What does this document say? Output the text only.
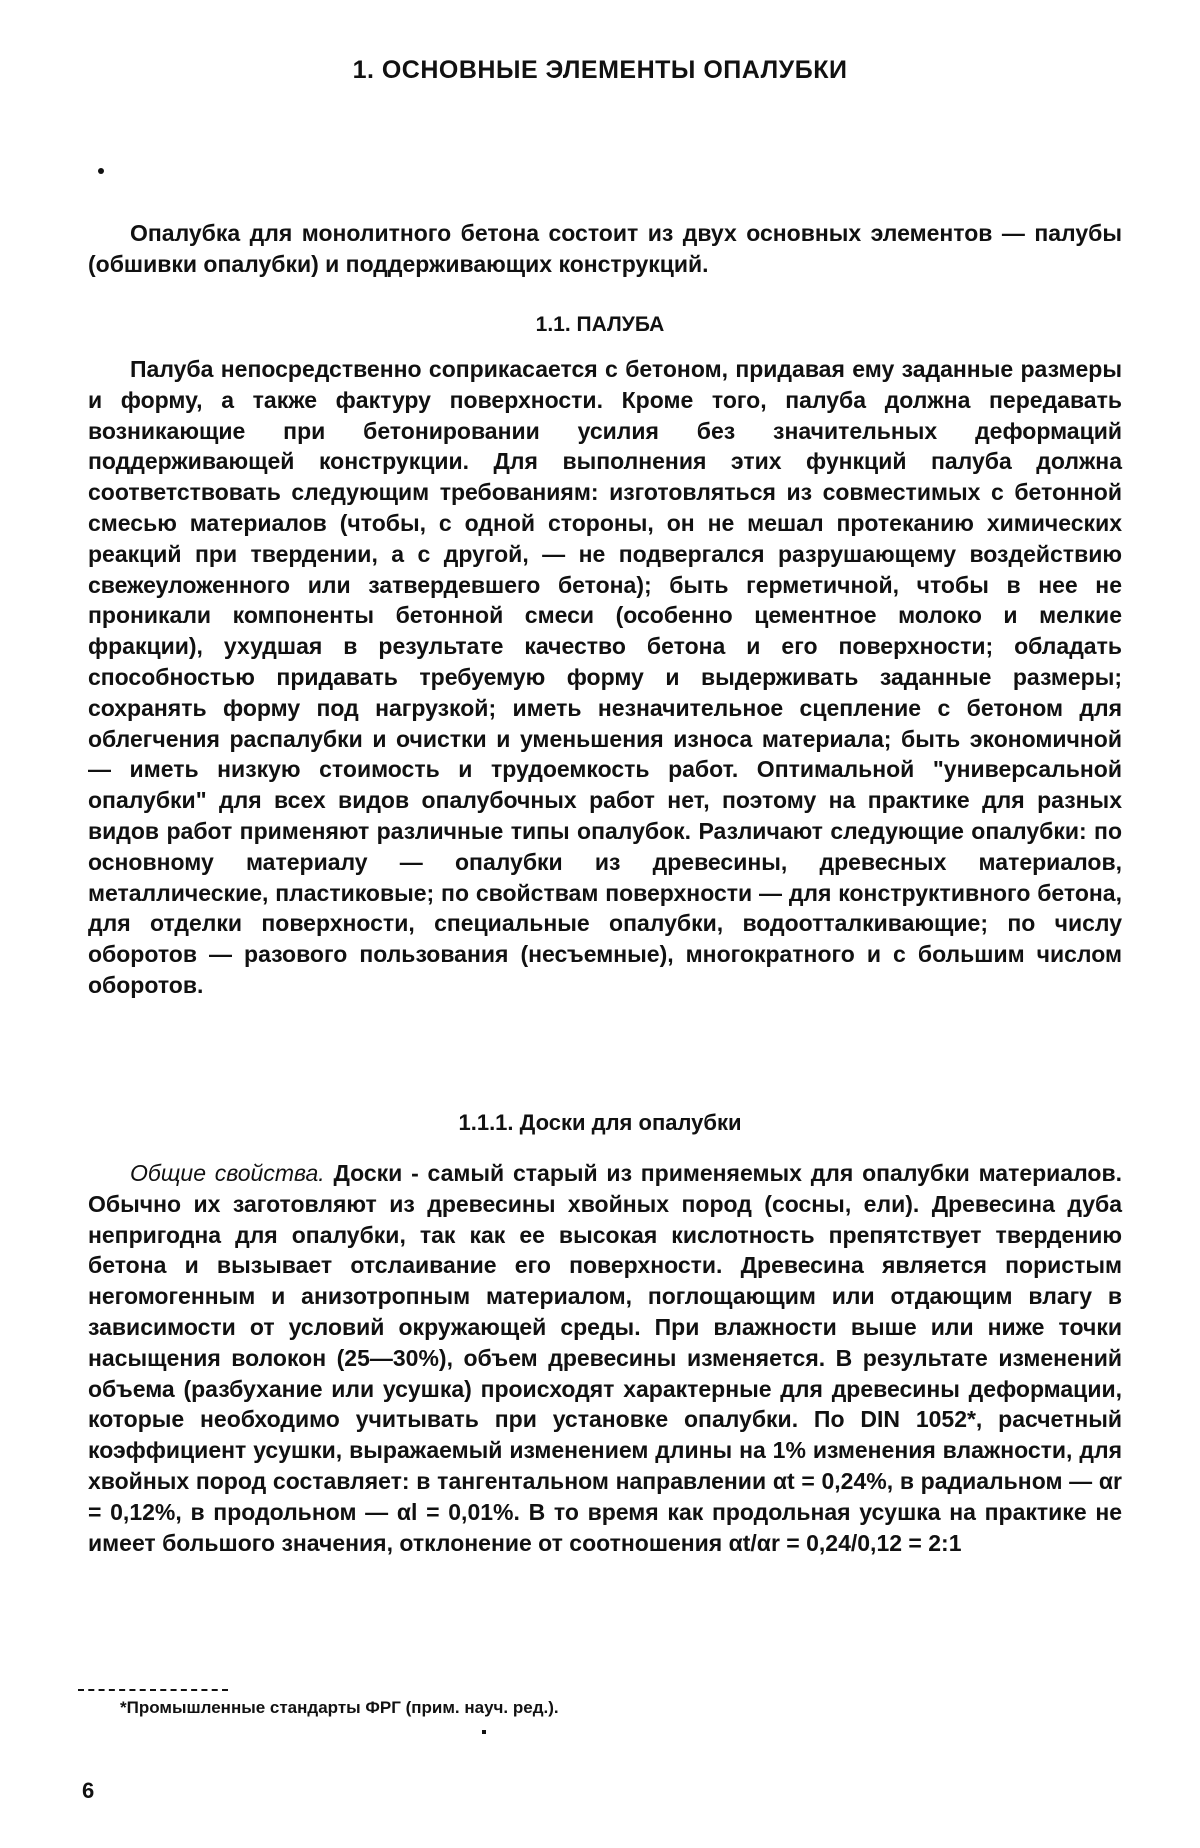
1. ОСНОВНЫЕ ЭЛЕМЕНТЫ ОПАЛУБКИ

Опалубка для монолитного бетона состоит из двух основных элементов — палубы (обшивки опалубки) и поддерживающих конструкций.

1.1. ПАЛУБА

Палуба непосредственно соприкасается с бетоном, придавая ему заданные размеры и форму, а также фактуру поверхности. Кроме того, палуба должна передавать возникающие при бетонировании усилия без значительных деформаций поддерживающей конструкции. Для выполнения этих функций палуба должна соответствовать следующим требованиям: изготовляться из совместимых с бетонной смесью материалов (чтобы, с одной стороны, он не мешал протеканию химических реакций при твердении, а с другой, — не подвергался разрушающему воздействию свежеуложенного или затвердевшего бетона); быть герметичной, чтобы в нее не проникали компоненты бетонной смеси (особенно цементное молоко и мелкие фракции), ухудшая в результате качество бетона и его поверхности; обладать способностью придавать требуемую форму и выдерживать заданные размеры; сохранять форму под нагрузкой; иметь незначительное сцепление с бетоном для облегчения распалубки и очистки и уменьшения износа материала; быть экономичной — иметь низкую стоимость и трудоемкость работ. Оптимальной "универсальной опалубки" для всех видов опалубочных работ нет, поэтому на практике для разных видов работ применяют различные типы опалубок. Различают следующие опалубки: по основному материалу — опалубки из древесины, древесных материалов, металлические, пластиковые; по свойствам поверхности — для конструктивного бетона, для отделки поверхности, специальные опалубки, водоотталкивающие; по числу оборотов — разового пользования (несъемные), многократного и с большим числом оборотов.

1.1.1. Доски для опалубки

Общие свойства. Доски - самый старый из применяемых для опалубки материалов. Обычно их заготовляют из древесины хвойных пород (сосны, ели). Древесина дуба непригодна для опалубки, так как ее высокая кислотность препятствует твердению бетона и вызывает отслаивание его поверхности. Древесина является пористым негомогенным и анизотропным материалом, поглощающим или отдающим влагу в зависимости от условий окружающей среды. При влажности выше или ниже точки насыщения волокон (25—30%), объем древесины изменяется. В результате изменений объема (разбухание или усушка) происходят характерные для древесины деформации, которые необходимо учитывать при установке опалубки. По DIN 1052*, расчетный коэффициент усушки, выражаемый изменением длины на 1% изменения влажности, для хвойных пород составляет: в тангентальном направлении αt = 0,24%, в радиальном — αr = 0,12%, в продольном — αl = 0,01%. В то время как продольная усушка на практике не имеет большого значения, отклонение от соотношения αt/αr = 0,24/0,12 = 2:1

*Промышленные стандарты ФРГ (прим. науч. ред.).
6
